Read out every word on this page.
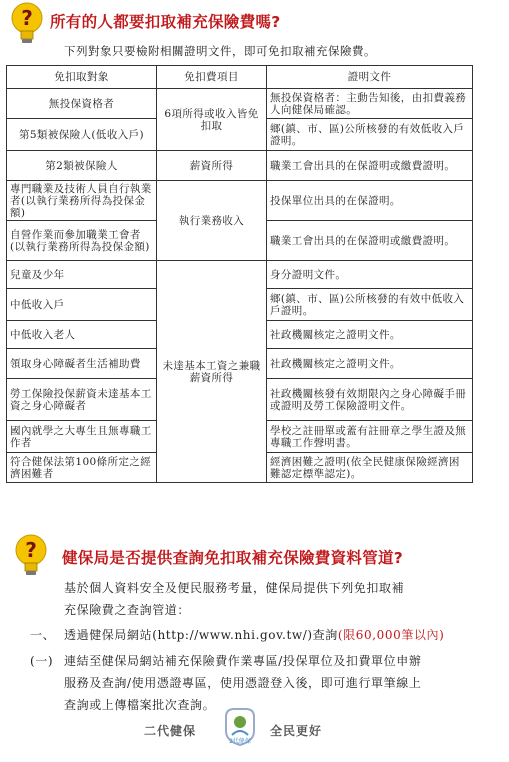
? 所有的人都要扣取補充保險費嗎?
下列對象只要檢附相關證明文件，即可免扣取補充保險費。
免扣取對象	免扣費項目	證明文件
無投保資格者	6項所得或收入皆免扣取	無投保資格者：主動告知後，由扣費義務人向健保局確認。
第5類被保險人(低收入戶)		鄉(鎮、市、區)公所核發的有效低收入戶證明。
第2類被保險人	薪資所得	職業工會出具的在保證明或繳費證明。
專門職業及技術人員自行執業者(以執行業務所得為投保金額)	執行業務收入	投保單位出具的在保證明。
自營作業而參加職業工會者(以執行業務所得為投保金額)		職業工會出具的在保證明或繳費證明。
兒童及少年	未達基本工資之兼職薪資所得	身分證明文件。
中低收入戶		鄉(鎮、市、區)公所核發的有效中低收入戶證明。
中低收入老人		社政機關核定之證明文件。
領取身心障礙者生活補助費		社政機關核定之證明文件。
勞工保險投保薪資未達基本工資之身心障礙者		社政機關核發有效期限內之身心障礙手冊或證明及勞工保險證明文件。
國內就學之大專生且無專職工作者		學校之註冊單或蓋有註冊章之學生證及無專職工作聲明書。
符合健保法第100條所定之經濟困難者		經濟困難之證明(依全民健康保險經濟困難認定標準認定)。
? 健保局是否提供查詢免扣取補充保險費資料管道?
基於個人資料安全及便民服務考量，健保局提供下列免扣取補
充保險費之查詢管道：
一、 透過健保局網站(http://www.nhi.gov.tw/)查詢(限60,000筆以內)
(一) 連結至健保局網站補充保險費作業專區/投保單位及扣費單位申辦
服務及查詢/使用憑證專區，使用憑證登入後，即可進行單筆線上
查詢或上傳檔案批次查詢。
二代健保
2代健保
全民更好
